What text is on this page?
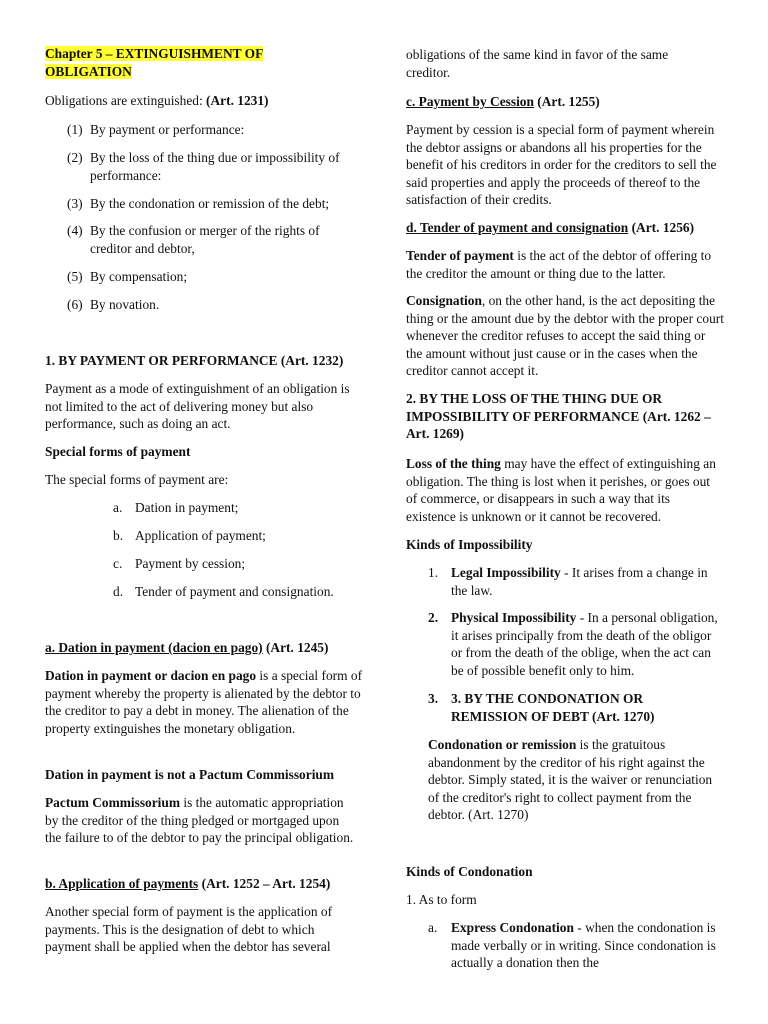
Chapter 5 – EXTINGUISHMENT OF
OBLIGATION
Obligations are extinguished: (Art. 1231)
(1) By payment or performance:
(2) By the loss of the thing due or impossibility of performance:
(3) By the condonation or remission of the debt;
(4) By the confusion or merger of the rights of creditor and debtor,
(5) By compensation;
(6) By novation.
1. BY PAYMENT OR PERFORMANCE (Art. 1232)
Payment as a mode of extinguishment of an obligation is not limited to the act of delivering money but also performance, such as doing an act.
Special forms of payment
The special forms of payment are:
a. Dation in payment;
b. Application of payment;
c. Payment by cession;
d. Tender of payment and consignation.
a. Dation in payment (dacion en pago) (Art. 1245)
Dation in payment or dacion en pago is a special form of payment whereby the property is alienated by the debtor to the creditor to pay a debt in money. The alienation of the property extinguishes the monetary obligation.
Dation in payment is not a Pactum Commissorium
Pactum Commissorium is the automatic appropriation by the creditor of the thing pledged or mortgaged upon the failure to of the debtor to pay the principal obligation.
b. Application of payments (Art. 1252 – Art. 1254)
Another special form of payment is the application of payments. This is the designation of debt to which payment shall be applied when the debtor has several
obligations of the same kind in favor of the same creditor.
c. Payment by Cession (Art. 1255)
Payment by cession is a special form of payment wherein the debtor assigns or abandons all his properties for the benefit of his creditors in order for the creditors to sell the said properties and apply the proceeds of thereof to the satisfaction of their credits.
d. Tender of payment and consignation (Art. 1256)
Tender of payment is the act of the debtor of offering to the creditor the amount or thing due to the latter.
Consignation, on the other hand, is the act depositing the thing or the amount due by the debtor with the proper court whenever the creditor refuses to accept the said thing or the amount without just cause or in the cases when the creditor cannot accept it.
2. BY THE LOSS OF THE THING DUE OR IMPOSSIBILITY OF PERFORMANCE (Art. 1262 – Art. 1269)
Loss of the thing may have the effect of extinguishing an obligation. The thing is lost when it perishes, or goes out of commerce, or disappears in such a way that its existence is unknown or it cannot be recovered.
Kinds of Impossibility
1. Legal Impossibility - It arises from a change in the law.
2. Physical Impossibility - In a personal obligation, it arises principally from the death of the obligor or from the death of the oblige, when the act can be of possible benefit only to him.
3. 3. BY THE CONDONATION OR REMISSION OF DEBT (Art. 1270)
Condonation or remission is the gratuitous abandonment by the creditor of his right against the debtor. Simply stated, it is the waiver or renunciation of the creditor's right to collect payment from the debtor. (Art. 1270)
Kinds of Condonation
1. As to form
a. Express Condonation - when the condonation is made verbally or in writing. Since condonation is actually a donation then the
